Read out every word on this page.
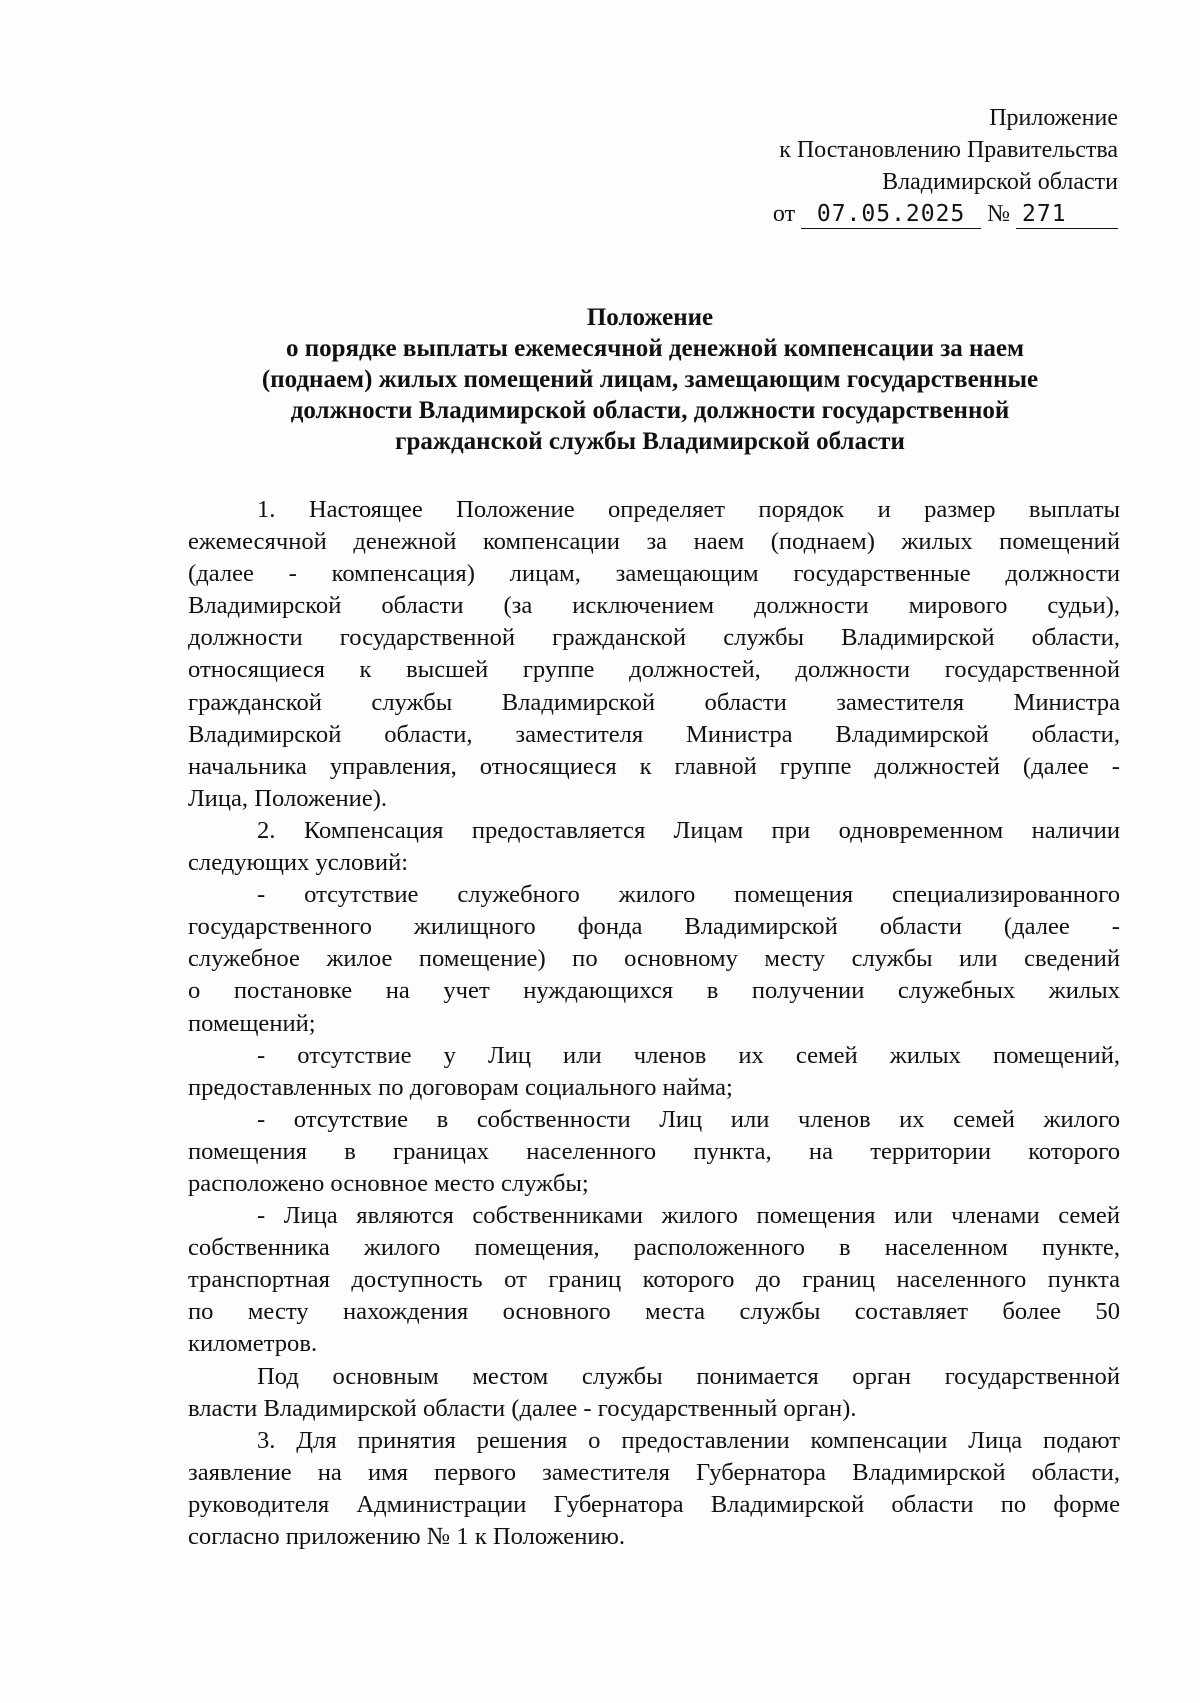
Приложение
к Постановлению Правительства
Владимирской области
от 07.05.2025 № 271
Положение
о порядке выплаты ежемесячной денежной компенсации за наем
(поднаем) жилых помещений лицам, замещающим государственные
должности Владимирской области, должности государственной
гражданской службы Владимирской области
1. Настоящее Положение определяет порядок и размер выплаты
ежемесячной денежной компенсации за наем (поднаем) жилых помещений
(далее - компенсация) лицам, замещающим государственные должности
Владимирской области (за исключением должности мирового судьи),
должности государственной гражданской службы Владимирской области,
относящиеся к высшей группе должностей, должности государственной
гражданской службы Владимирской области заместителя Министра
Владимирской области, заместителя Министра Владимирской области,
начальника управления, относящиеся к главной группе должностей (далее -
Лица, Положение).
2. Компенсация предоставляется Лицам при одновременном наличии
следующих условий:
- отсутствие служебного жилого помещения специализированного
государственного жилищного фонда Владимирской области (далее -
служебное жилое помещение) по основному месту службы или сведений
о постановке на учет нуждающихся в получении служебных жилых
помещений;
- отсутствие у Лиц или членов их семей жилых помещений,
предоставленных по договорам социального найма;
- отсутствие в собственности Лиц или членов их семей жилого
помещения в границах населенного пункта, на территории которого
расположено основное место службы;
- Лица являются собственниками жилого помещения или членами семей
собственника жилого помещения, расположенного в населенном пункте,
транспортная доступность от границ которого до границ населенного пункта
по месту нахождения основного места службы составляет более 50
километров.
Под основным местом службы понимается орган государственной
власти Владимирской области (далее - государственный орган).
3. Для принятия решения о предоставлении компенсации Лица подают
заявление на имя первого заместителя Губернатора Владимирской области,
руководителя Администрации Губернатора Владимирской области по форме
согласно приложению № 1 к Положению.
